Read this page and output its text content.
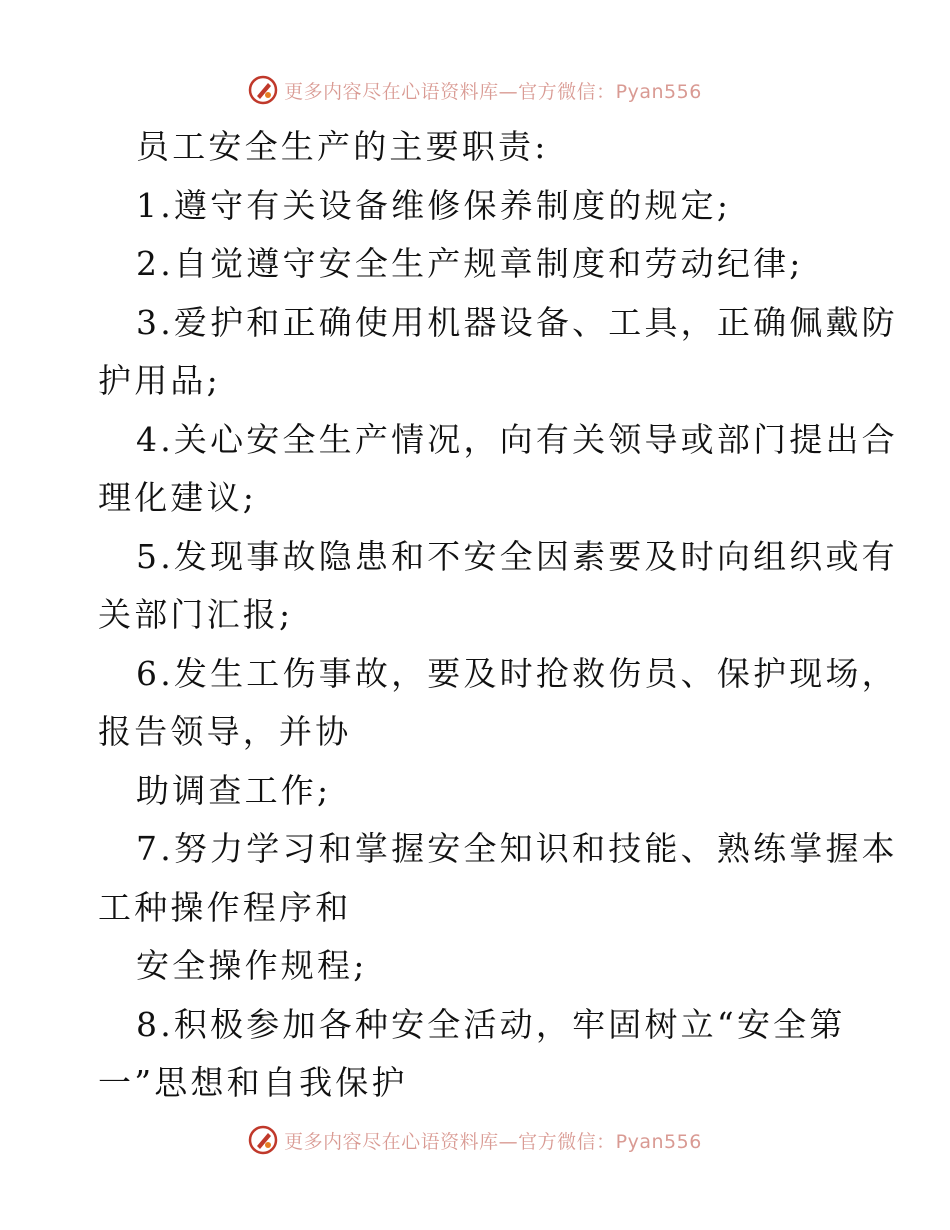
更多内容尽在心语资料库—官方微信：Pyan556
员工安全生产的主要职责:
1.遵守有关设备维修保养制度的规定;
2.自觉遵守安全生产规章制度和劳动纪律;
3.爱护和正确使用机器设备、工具，正确佩戴防
护用品;
4.关心安全生产情况，向有关领导或部门提出合
理化建议;
5.发现事故隐患和不安全因素要及时向组织或有
关部门汇报;
6.发生工伤事故，要及时抢救伤员、保护现场，
报告领导，并协
助调查工作;
7.努力学习和掌握安全知识和技能、熟练掌握本
工种操作程序和
安全操作规程;
8.积极参加各种安全活动，牢固树立“安全第
一”思想和自我保护
更多内容尽在心语资料库—官方微信：Pyan556
